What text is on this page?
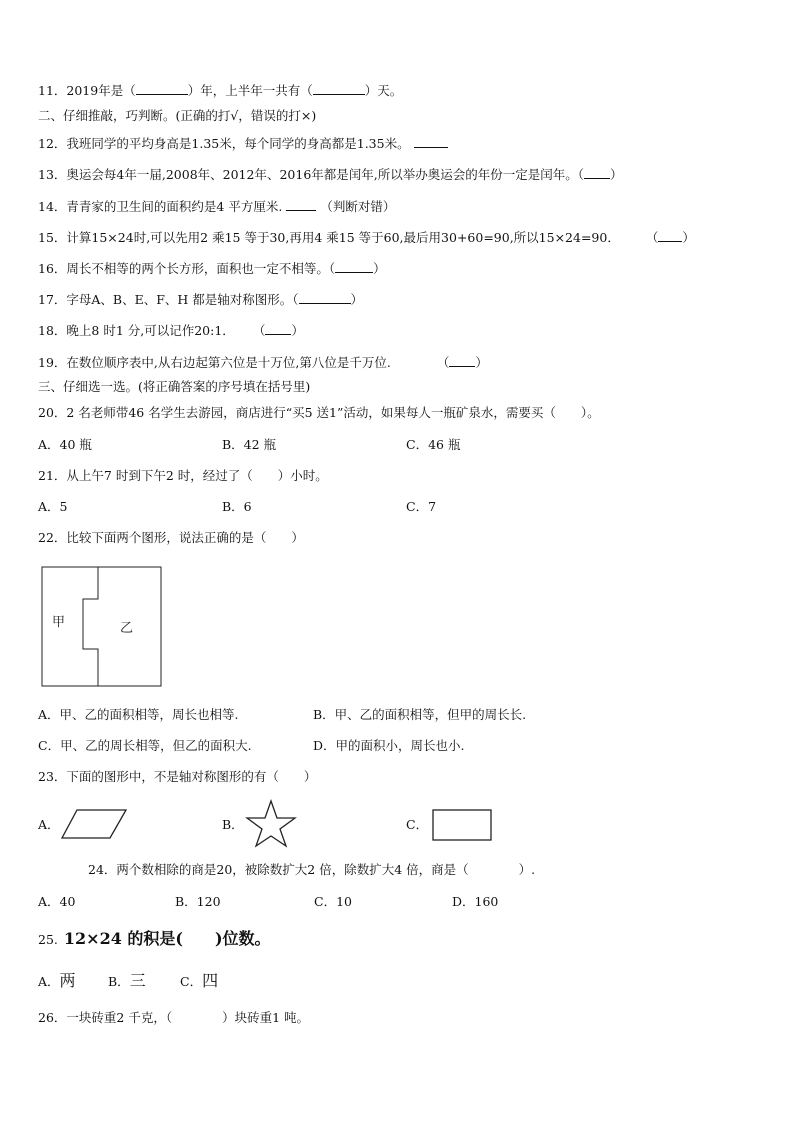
11．2019年是（	）年，上半年一共有（	）天。
二、仔细推敲，巧判断。(正确的打√，错误的打×)
12．我班同学的平均身高是1.35米，每个同学的身高都是1.35米。
13．奥运会每4年一届,2008年、2012年、2016年都是闰年,所以举办奥运会的年份一定是闰年。（ ）
14．青青家的卫生间的面积约是4 平方厘米.	（判断对错）
15．计算15×24时,可以先用2 乘15 等于30,再用4 乘15 等于60,最后用30+60=90,所以15×24=90． （ ）
16．周长不相等的两个长方形，面积也一定不相等。（	）
17．字母A、B、E、F、H 都是轴对称图形。（	）
18．晚上8 时1 分,可以记作20:1． （ ）
19．在数位顺序表中,从右边起第六位是十万位,第八位是千万位.	（ ）
三、仔细选一选。(将正确答案的序号填在括号里)
20．2 名老师带46 名学生去游园，商店进行“买5 送1”活动，如果每人一瓶矿泉水，需要买（　　）。
A．40 瓶	B．42 瓶	C．46 瓶
21．从上午7 时到下午2 时，经过了（　　）小时。
A．5	B．6	C．7
22．比较下面两个图形，说法正确的是（　　）
甲	乙
A．甲、乙的面积相等，周长也相等.	B．甲、乙的面积相等，但甲的周长长.
C．甲、乙的周长相等，但乙的面积大.	D．甲的面积小，周长也小.
23．下面的图形中，不是轴对称图形的有（　　）
A．	B．	C．
24．两个数相除的商是20，被除数扩大2 倍，除数扩大4 倍，商是（　　　　）.
A．40	B．120	C．10	D．160
25. 12×24 的积是(　　)位数。
A．两	B．三	C．四
26．一块砖重2 千克，（　　　　）块砖重1 吨。
